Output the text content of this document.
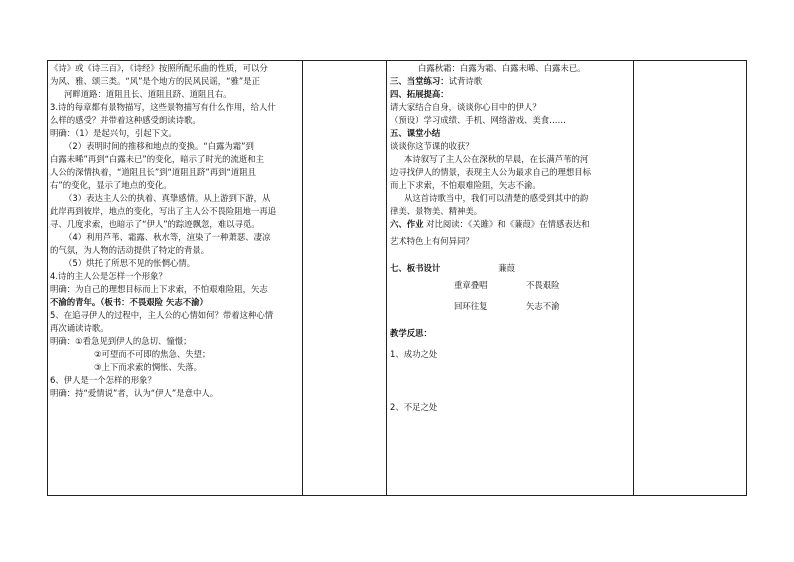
《诗》或《诗三百》，《诗经》按照所配乐曲的性质，可以分

为风、雅、颂三类。“风”是个地方的民风民谣，“雅”是正

河畔道路：道阻且长、道阻且跻、道阻且右。

3.诗的每章都有景物描写，这些景物描写有什么作用，给人什

么样的感受？并带着这种感受朗读诗歌。

明确：（1）是起兴句，引起下文。

（2）表明时间的推移和地点的变换。“白露为霜”到

白露未晞”再到“白露未已”的变化，暗示了时光的流逝和主

人公的深情执着，“道阻且长”到“道阻且跻”再到“道阻且

右”的变化，显示了地点的变化。

（3）表达主人公的执着、真挚感情。从上游到下游，从

此岸再到彼岸，地点的变化，写出了主人公不畏险阻地一再追

寻、几度求索，也暗示了“伊人”的踪迹飘忽，难以寻觅。

（4）利用芦苇、霜露、秋水等，渲染了一种萧瑟、凄凉

的气氛，为人物的活动提供了特定的背景。

（5）烘托了所思不见的怅惘心情。

4.诗的主人公是怎样一个形象？

明确：为自己的理想目标而上下求索，不怕艰难险阻，矢志

不渝的青年。（板书：不畏艰险 矢志不渝）

5、在追寻伊人的过程中，主人公的心情如何？带着这种心情

再次诵读诗歌。

明确：①看急见到伊人的急切、憧憬；

②可望而不可即的焦急、失望；

③上下而求索的惆怅、失落。

6、伊人是一个怎样的形象？

明确：持“爱情说”者，认为“伊人”是意中人。

白露秋霜：白露为霜、白露未晞、白露未已。

三、当堂练习：试背诗歌

四、拓展提高：

请大家结合自身，谈谈你心目中的伊人？

（预设）学习成绩、手机、网络游戏、美食……

五、课堂小结

谈谈你这节课的收获？

本诗叙写了主人公在深秋的早晨，在长满芦苇的河

边寻找伊人的情景，表现主人公为最求自己的理想目标

而上下求索，不怕艰难险阻，矢志不渝。

从这首诗歌当中，我们可以清楚的感受到其中的韵

律美、景物美、精神美。

六、作业 对比阅读：《关雎》和《蒹葭》在情感表达和

艺术特色上有何异同？

七、板书设计	蒹葭

重章叠唱	不畏艰险

回环往复	矢志不渝

教学反思：

1、成功之处

2、不足之处
